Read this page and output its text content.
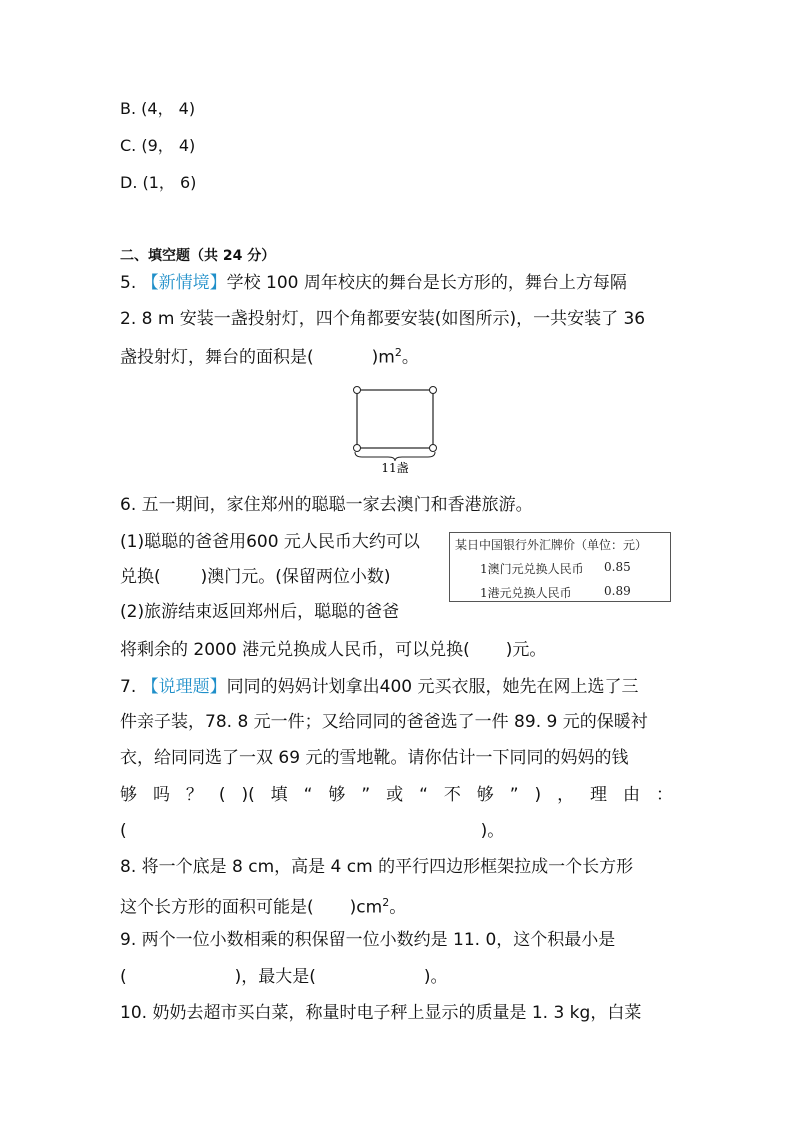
B. (4， 4)
C. (9， 4)
D. (1， 6)
二、填空题（共 24 分）
5. 【新情境】学校 100 周年校庆的舞台是长方形的，舞台上方每隔
2. 8 m 安装一盏投射灯，四个角都要安装(如图所示)，一共安装了 36
盏投射灯，舞台的面积是(	)$m^2$。
11盏
6. 五一期间，家住郑州的聪聪一家去澳门和香港旅游。
(1)聪聪的爸爸用600 元人民币大约可以
兑换( )澳门元。(保留两位小数)
(2)旅游结束返回郑州后，聪聪的爸爸
将剩余的 2000 港元兑换成人民币，可以兑换( )元。
某日中国银行外汇牌价（单位：元）
1澳门元兑换人民币 0.85
1港元兑换人民币	0.89
7. 【说理题】同同的妈妈计划拿出400 元买衣服，她先在网上选了三
件亲子装，78. 8 元一件；又给同同的爸爸选了一件 89. 9 元的保暖衬
衣，给同同选了一双 69 元的雪地靴。请你估计一下同同的妈妈的钱
够 吗 ？ ( )( 填 “ 够 ” 或 “ 不 够 ” ) ， 理 由 ：
(	)。
8. 将一个底是 8 cm，高是 4 cm 的平行四边形框架拉成一个长方形
这个长方形的面积可能是( )$cm^2$。
9. 两个一位小数相乘的积保留一位小数约是 11. 0，这个积最小是
(	)，最大是(	)。
10. 奶奶去超市买白菜，称量时电子秤上显示的质量是 1. 3 kg，白菜
